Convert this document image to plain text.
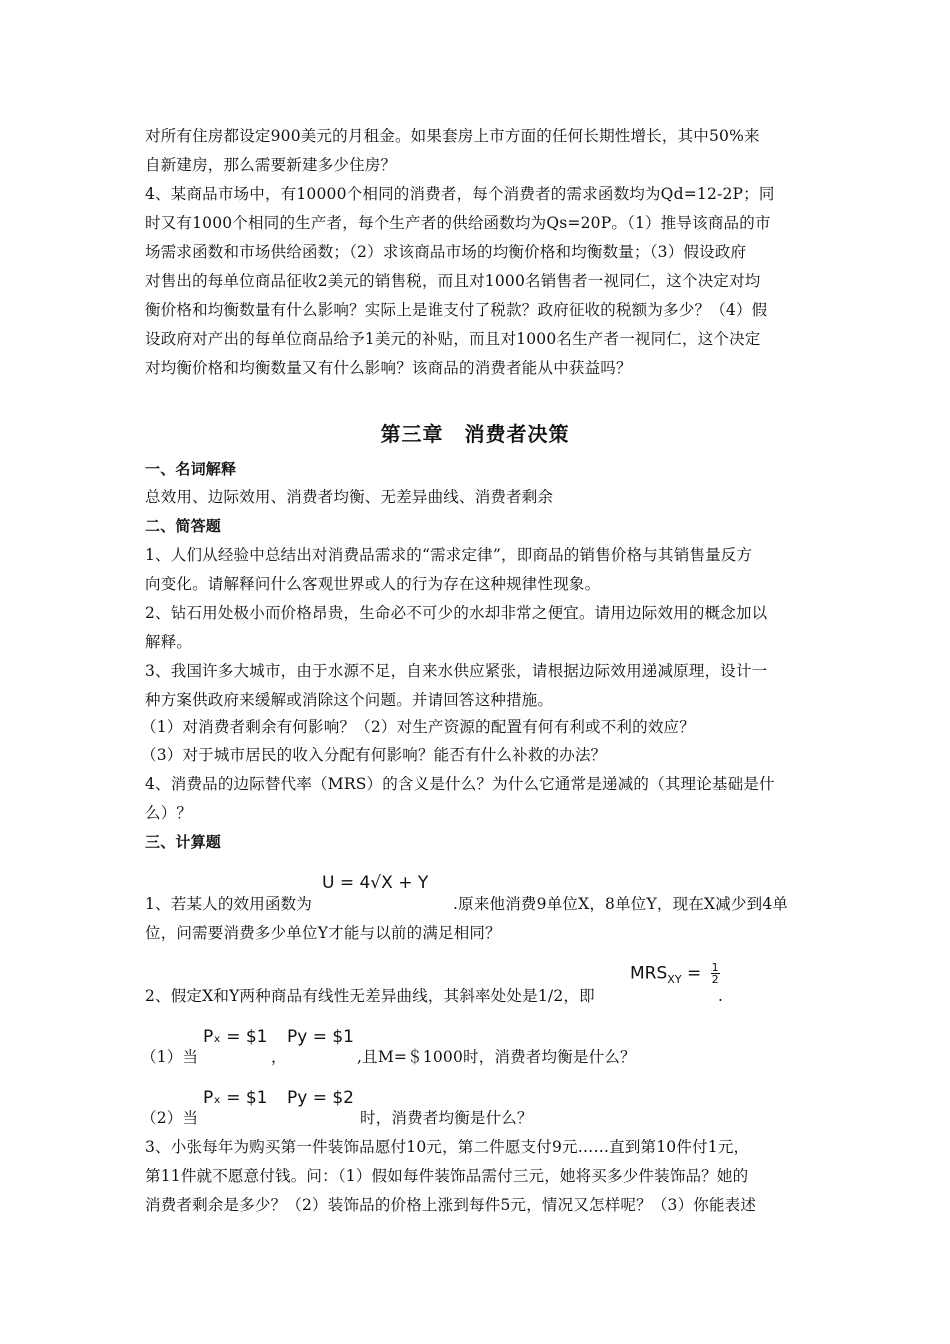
对所有住房都设定900美元的月租金。如果套房上市方面的任何长期性增长，其中50%来
自新建房，那么需要新建多少住房？
4、某商品市场中，有10000个相同的消费者，每个消费者的需求函数均为Qd=12-2P；同
时又有1000个相同的生产者，每个生产者的供给函数均为Qs=20P。（1）推导该商品的市
场需求函数和市场供给函数；（2）求该商品市场的均衡价格和均衡数量；（3）假设政府
对售出的每单位商品征收2美元的销售税，而且对1000名销售者一视同仁，这个决定对均
衡价格和均衡数量有什么影响？实际上是谁支付了税款？政府征收的税额为多少？（4）假
设政府对产出的每单位商品给予1美元的补贴，而且对1000名生产者一视同仁，这个决定
对均衡价格和均衡数量又有什么影响？该商品的消费者能从中获益吗？
第三章　消费者决策
一、名词解释
总效用、边际效用、消费者均衡、无差异曲线、消费者剩余
二、简答题
1、人们从经验中总结出对消费品需求的“需求定律”，即商品的销售价格与其销售量反方
向变化。请解释问什么客观世界或人的行为存在这种规律性现象。
2、钻石用处极小而价格昂贵，生命必不可少的水却非常之便宜。请用边际效用的概念加以
解释。
3、我国许多大城市，由于水源不足，自来水供应紧张，请根据边际效用递减原理，设计一
种方案供政府来缓解或消除这个问题。并请回答这种措施。
（1）对消费者剩余有何影响？（2）对生产资源的配置有何有利或不利的效应？
（3）对于城市居民的收入分配有何影响？能否有什么补救的办法？
4、消费品的边际替代率（MRS）的含义是什么？为什么它通常是递减的（其理论基础是什
么）？
三、计算题
U = 4√X + Y
1、若某人的效用函数为	.原来他消费9单位X，8单位Y，现在X减少到4单
位，问需要消费多少单位Y才能与以前的满足相同？
$MRS_{XY} = \frac{1}{2}$
2、假定X和Y两种商品有线性无差异曲线，其斜率处处是1/2，即	.
Pₓ = $1 Py = $1
（1）当	，	,且M=＄1000时，消费者均衡是什么？
Pₓ = $1 Py = $2
（2）当	时，消费者均衡是什么？
3、小张每年为购买第一件装饰品愿付10元，第二件愿支付9元……直到第10件付1元，
第11件就不愿意付钱。问：（1）假如每件装饰品需付三元，她将买多少件装饰品？她的
消费者剩余是多少？（2）装饰品的价格上涨到每件5元，情况又怎样呢？（3）你能表述
